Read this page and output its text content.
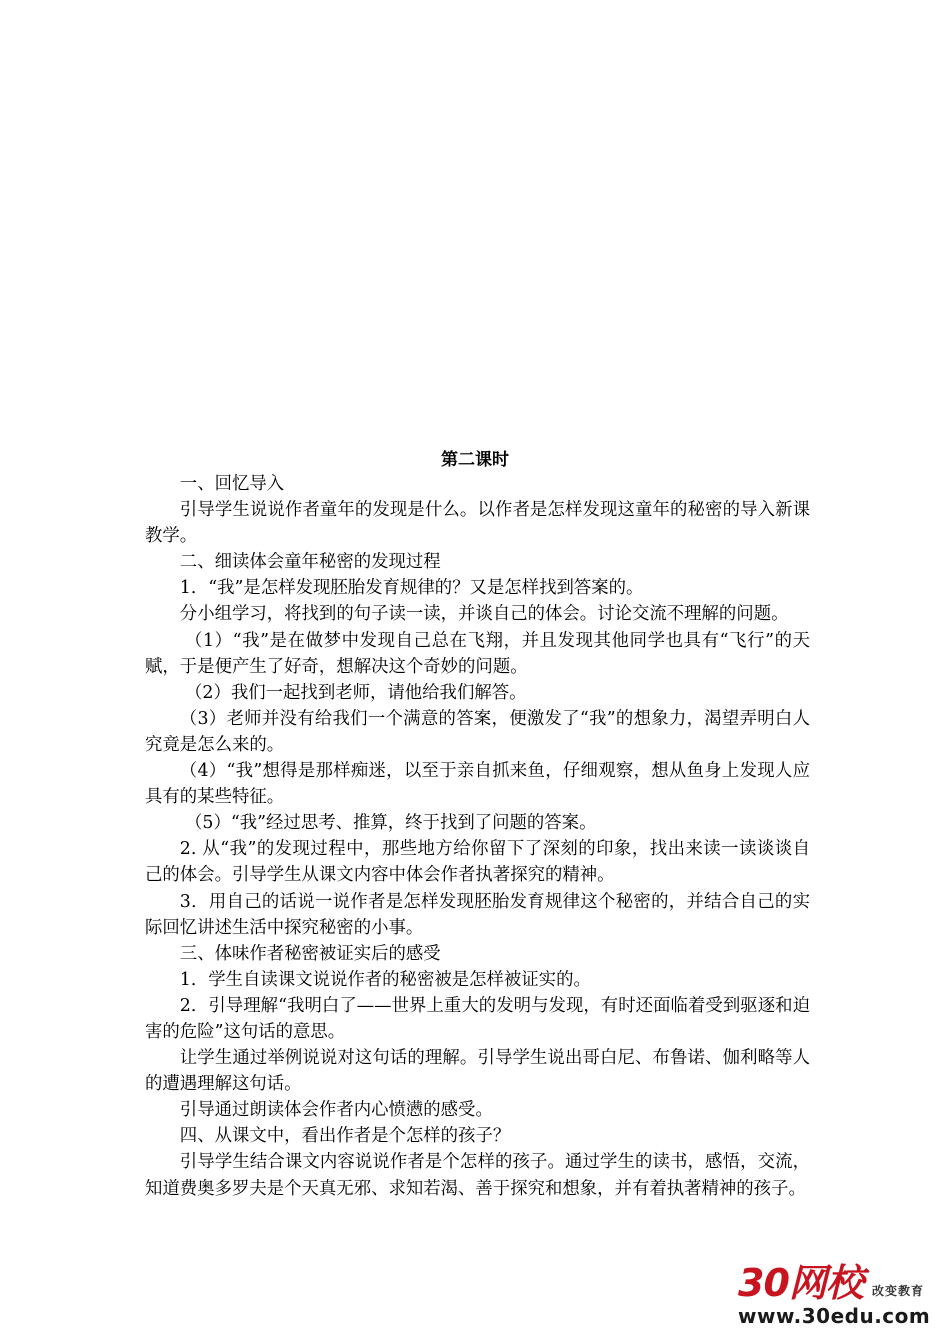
第二课时

一、回忆导入

引导学生说说作者童年的发现是什么。以作者是怎样发现这童年的秘密的导入新课教学。

二、细读体会童年秘密的发现过程

1．“我”是怎样发现胚胎发育规律的？又是怎样找到答案的。

分小组学习，将找到的句子读一读，并谈自己的体会。讨论交流不理解的问题。

（1）“我”是在做梦中发现自己总在飞翔，并且发现其他同学也具有“飞行”的天赋，于是便产生了好奇，想解决这个奇妙的问题。

（2）我们一起找到老师，请他给我们解答。

（3）老师并没有给我们一个满意的答案，便激发了“我”的想象力，渴望弄明白人究竟是怎么来的。

（4）“我”想得是那样痴迷，以至于亲自抓来鱼，仔细观察，想从鱼身上发现人应具有的某些特征。

（5）“我”经过思考、推算，终于找到了问题的答案。

2. 从“我”的发现过程中，那些地方给你留下了深刻的印象，找出来读一读谈谈自己的体会。引导学生从课文内容中体会作者执著探究的精神。

3．用自己的话说一说作者是怎样发现胚胎发育规律这个秘密的，并结合自己的实际回忆讲述生活中探究秘密的小事。

三、体味作者秘密被证实后的感受

1．学生自读课文说说作者的秘密被是怎样被证实的。

2．引导理解“我明白了——世界上重大的发明与发现，有时还面临着受到驱逐和迫害的危险”这句话的意思。

让学生通过举例说说对这句话的理解。引导学生说出哥白尼、布鲁诺、伽利略等人的遭遇理解这句话。

引导通过朗读体会作者内心愤懑的感受。

四、从课文中，看出作者是个怎样的孩子？

引导学生结合课文内容说说作者是个怎样的孩子。通过学生的读书，感悟，交流，知道费奥多罗夫是个天真无邪、求知若渴、善于探究和想象，并有着执著精神的孩子。

30网校 改变教育
www.30edu.com
